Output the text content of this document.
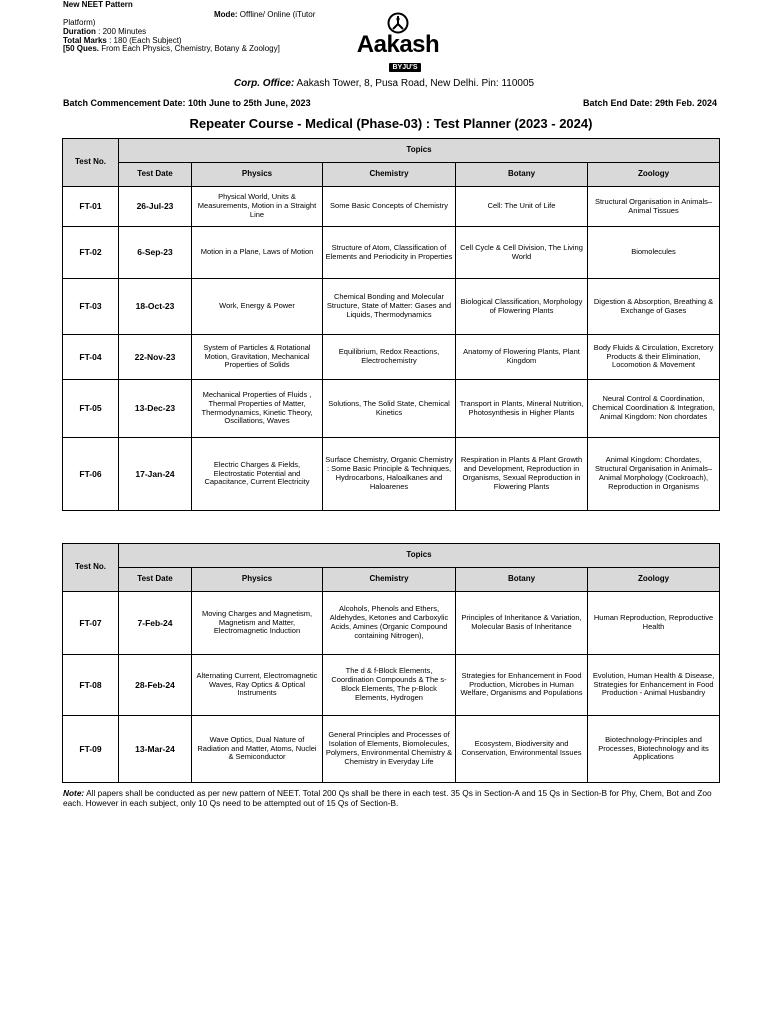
New NEET Pattern
Mode: Offline/ Online (iTutor
Platform)
Duration : 200 Minutes
Total Marks : 180 (Each Subject)
[50 Ques. From Each Physics, Chemistry, Botany & Zoology]	Aakash
BYJU'S
Corp. Office: Aakash Tower, 8, Pusa Road, New Delhi. Pin: 110005
Batch Commencement Date: 10th June to 25th June, 2023	Batch End Date: 29th Feb. 2024
Repeater Course - Medical (Phase-03) : Test Planner (2023 - 2024)
Test No.	Topics				
	Test Date	Physics	Chemistry	Botany	Zoology
FT-01	26-Jul-23	Physical World, Units & Measurements, Motion in a Straight Line	Some Basic Concepts of Chemistry	Cell: The Unit of Life	Structural Organisation in Animals–Animal Tissues
FT-02	6-Sep-23	Motion in a Plane, Laws of Motion	Structure of Atom, Classification of Elements and Periodicity in Properties	Cell Cycle & Cell Division, The Living World	Biomolecules
FT-03	18-Oct-23	Work, Energy & Power	Chemical Bonding and Molecular Structure, State of Matter: Gases and Liquids, Thermodynamics	Biological Classification, Morphology of Flowering Plants	Digestion & Absorption, Breathing & Exchange of Gases
FT-04	22-Nov-23	System of Particles & Rotational Motion, Gravitation, Mechanical Properties of Solids	Equilibrium, Redox Reactions, Electrochemistry	Anatomy of Flowering Plants, Plant Kingdom	Body Fluids & Circulation, Excretory Products & their Elimination, Locomotion & Movement
FT-05	13-Dec-23	Mechanical Properties of Fluids , Thermal Properties of Matter, Thermodynamics, Kinetic Theory, Oscillations, Waves	Solutions, The Solid State, Chemical Kinetics	Transport in Plants, Mineral Nutrition, Photosynthesis in Higher Plants	Neural Control & Coordination, Chemical Coordination & Integration, Animal Kingdom: Non chordates
FT-06	17-Jan-24	Electric Charges & Fields, Electrostatic Potential and Capacitance, Current Electricity	Surface Chemistry, Organic Chemistry : Some Basic Principle & Techniques, Hydrocarbons, Haloalkanes and Haloarenes	Respiration in Plants & Plant Growth and Development, Reproduction in Organisms, Sexual Reproduction in Flowering Plants	Animal Kingdom: Chordates, Structural Organisation in Animals–Animal Morphology (Cockroach), Reproduction in Organisms
Test No.	Topics				
	Test Date	Physics	Chemistry	Botany	Zoology
FT-07	7-Feb-24	Moving Charges and Magnetism, Magnetism and Matter, Electromagnetic Induction	Alcohols, Phenols and Ethers, Aldehydes, Ketones and Carboxylic Acids, Amines (Organic Compound containing Nitrogen),	Principles of Inheritance & Variation, Molecular Basis of Inheritance	Human Reproduction, Reproductive Health
FT-08	28-Feb-24	Alternating Current, Electromagnetic Waves, Ray Optics & Optical Instruments	The d & f-Block Elements, Coordination Compounds & The s-Block Elements, The p-Block Elements, Hydrogen	Strategies for Enhancement in Food Production, Microbes in Human Welfare, Organisms and Populations	Evolution, Human Health & Disease, Strategies for Enhancement in Food Production - Animal Husbandry
FT-09	13-Mar-24	Wave Optics, Dual Nature of Radiation and Matter, Atoms, Nuclei & Semiconductor	General Principles and Processes of Isolation of Elements, Biomolecules, Polymers, Environmental Chemistry & Chemistry in Everyday Life	Ecosystem, Biodiversity and Conservation, Environmental Issues	Biotechnology-Principles and Processes, Biotechnology and its Applications
Note: All papers shall be conducted as per new pattern of NEET. Total 200 Qs shall be there in each test. 35 Qs in Section-A and 15 Qs in Section-B for Phy, Chem, Bot and Zoo each. However in each subject, only 10 Qs need to be attempted out of 15 Qs of Section-B.
